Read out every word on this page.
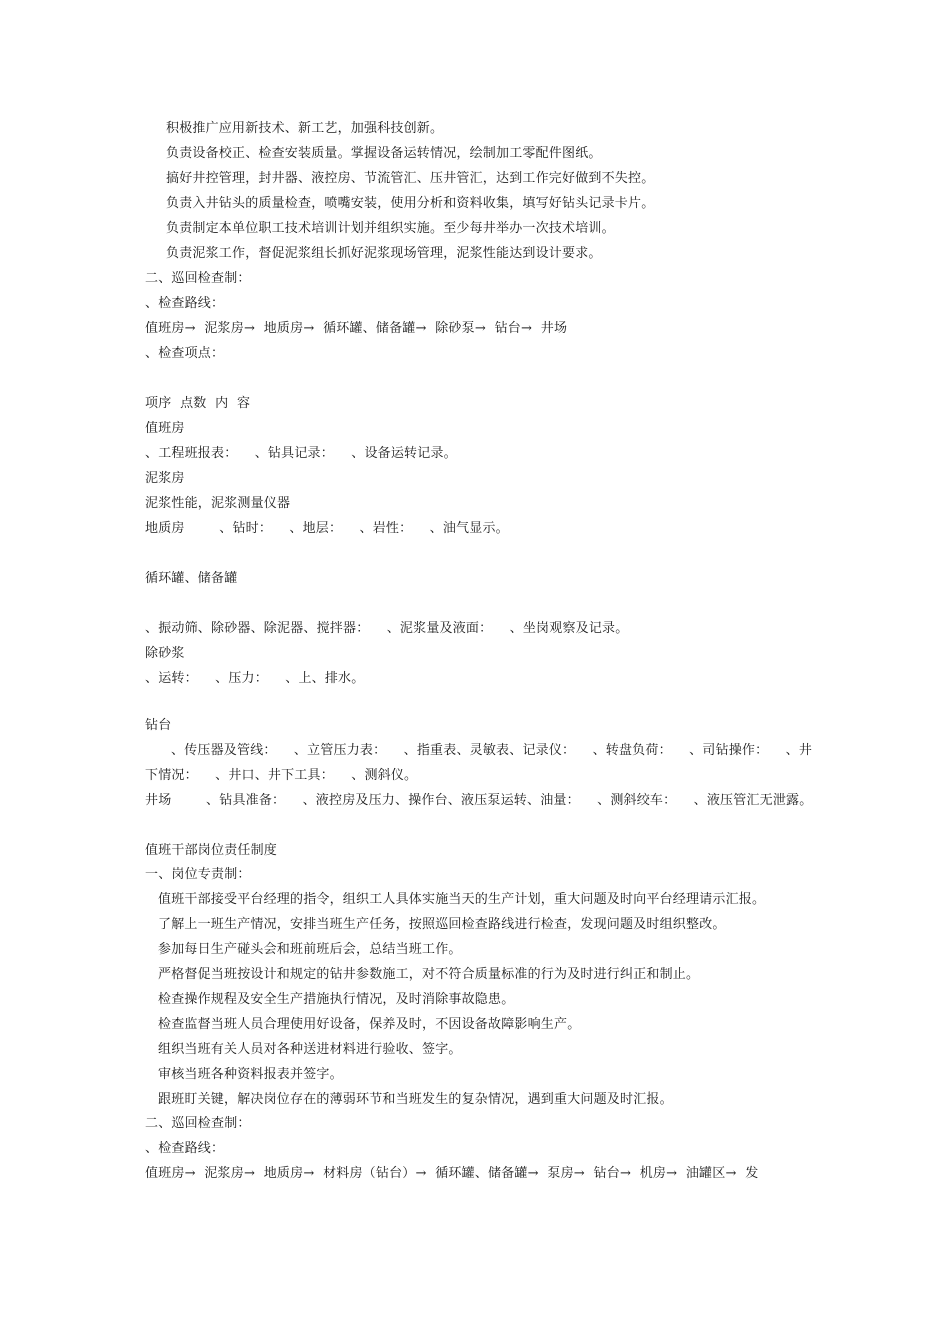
积极推广应用新技术、新工艺，加强科技创新。
负责设备校正、检查安装质量。掌握设备运转情况，绘制加工零配件图纸。
搞好井控管理，封井器、液控房、节流管汇、压井管汇，达到工作完好做到不失控。
负责入井钻头的质量检查，喷嘴安装，使用分析和资料收集，填写好钻头记录卡片。
负责制定本单位职工技术培训计划并组织实施。至少每井举办一次技术培训。
负责泥浆工作，督促泥浆组长抓好泥浆现场管理，泥浆性能达到设计要求。
二、巡回检查制：
、检查路线：
值班房→  泥浆房→  地质房→  循环罐、储备罐→  除砂泵→  钻台→  井场
、检查项点：
项序  点数  内  容
值班房
、工程班报表：    、钻具记录：    、设备运转记录。
泥浆房
泥浆性能，泥浆测量仪器
地质房        、钻时：    、地层：    、岩性：    、油气显示。
循环罐、储备罐
、振动筛、除砂器、除泥器、搅拌器：    、泥浆量及液面：    、坐岗观察及记录。
除砂浆
、运转：    、压力：    、上、排水。
钻台
、传压器及管线：    、立管压力表：    、指重表、灵敏表、记录仪：    、转盘负荷：    、司钻操作：    、井
下情况：    、井口、井下工具：    、测斜仪。
井场        、钻具准备：    、液控房及压力、操作台、液压泵运转、油量：    、测斜绞车：    、液压管汇无泄露。
值班干部岗位责任制度
一、岗位专责制：
值班干部接受平台经理的指令，组织工人具体实施当天的生产计划，重大问题及时向平台经理请示汇报。
了解上一班生产情况，安排当班生产任务，按照巡回检查路线进行检查，发现问题及时组织整改。
参加每日生产碰头会和班前班后会，总结当班工作。
严格督促当班按设计和规定的钻井参数施工，对不符合质量标准的行为及时进行纠正和制止。
检查操作规程及安全生产措施执行情况，及时消除事故隐患。
检查监督当班人员合理使用好设备，保养及时，不因设备故障影响生产。
组织当班有关人员对各种送进材料进行验收、签字。
审核当班各种资料报表并签字。
跟班盯关键，解决岗位存在的薄弱环节和当班发生的复杂情况，遇到重大问题及时汇报。
二、巡回检查制：
、检查路线：
值班房→  泥浆房→  地质房→  材料房（钻台）→  循环罐、储备罐→  泵房→  钻台→  机房→  油罐区→  发
